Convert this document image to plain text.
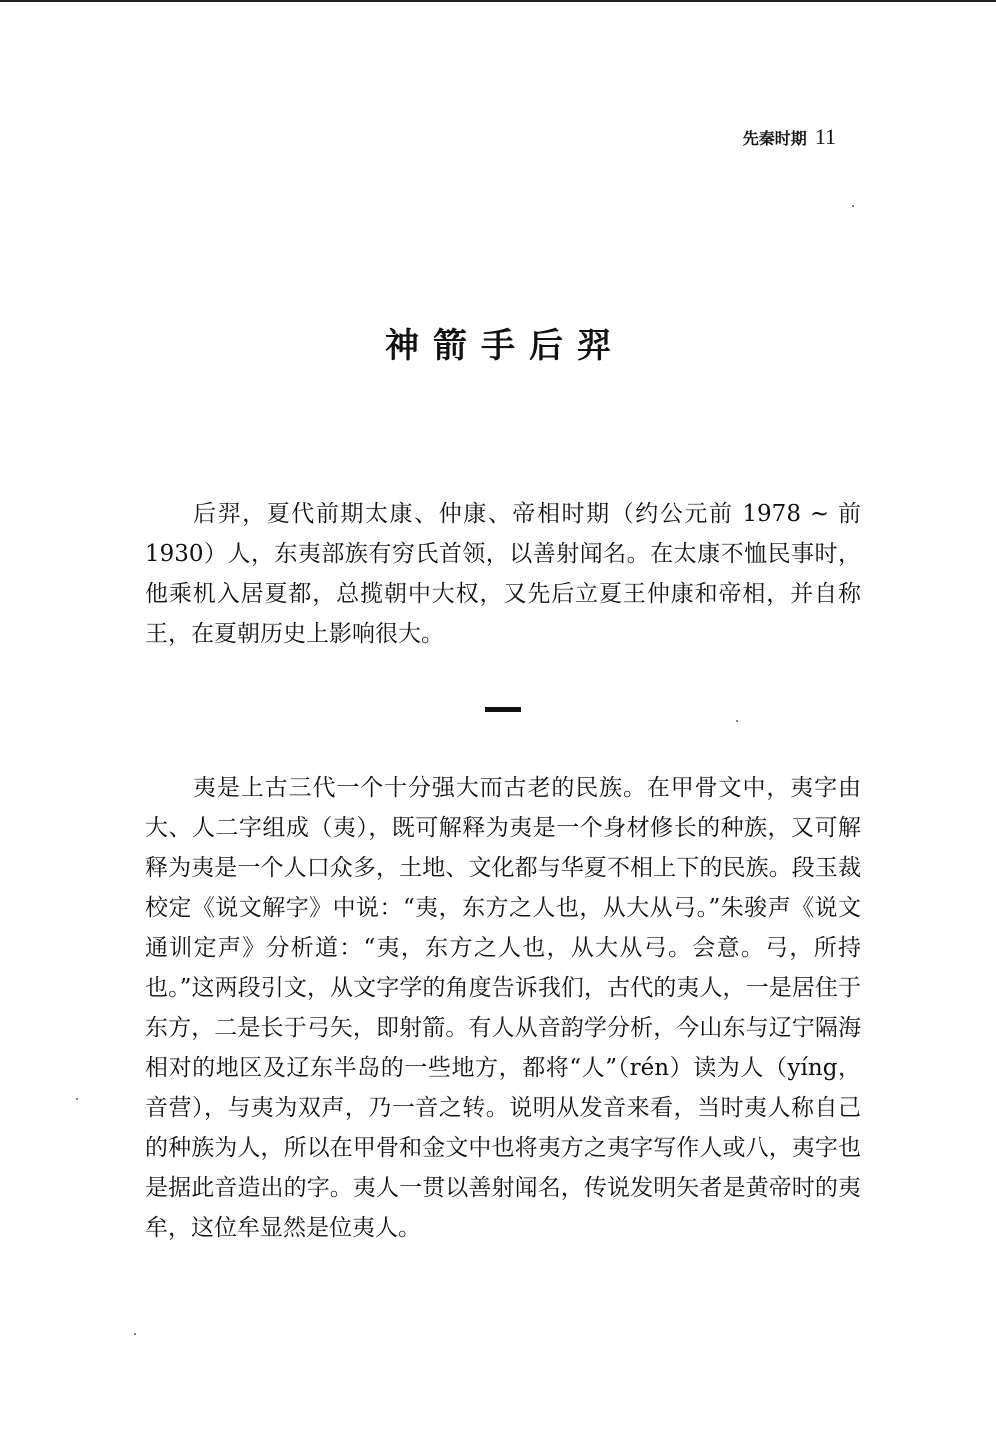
先秦时期 11
神箭手后羿

后羿，夏代前期太康、仲康、帝相时期（约公元前 1978 ~ 前 1930）人，东夷部族有穷氏首领，以善射闻名。在太康不恤民事时，他乘机入居夏都，总揽朝中大权，又先后立夏王仲康和帝相，并自称王，在夏朝历史上影响很大。

夷是上古三代一个十分强大而古老的民族。在甲骨文中，夷字由大、人二字组成（夷），既可解释为夷是一个身材修长的种族，又可解释为夷是一个人口众多，土地、文化都与华夏不相上下的民族。段玉裁校定《说文解字》中说：“夷，东方之人也，从大从弓。”朱骏声《说文通训定声》分析道：“夷，东方之人也，从大从弓。会意。弓，所持也。”这两段引文，从文字学的角度告诉我们，古代的夷人，一是居住于东方，二是长于弓矢，即射箭。有人从音韵学分析，今山东与辽宁隔海相对的地区及辽东半岛的一些地方，都将“人”（rén）读为人（yíng，音营），与夷为双声，乃一音之转。说明从发音来看，当时夷人称自己的种族为人，所以在甲骨和金文中也将夷方之夷字写作人或八，夷字也是据此音造出的字。夷人一贯以善射闻名，传说发明矢者是黄帝时的夷牟，这位牟显然是位夷人。
